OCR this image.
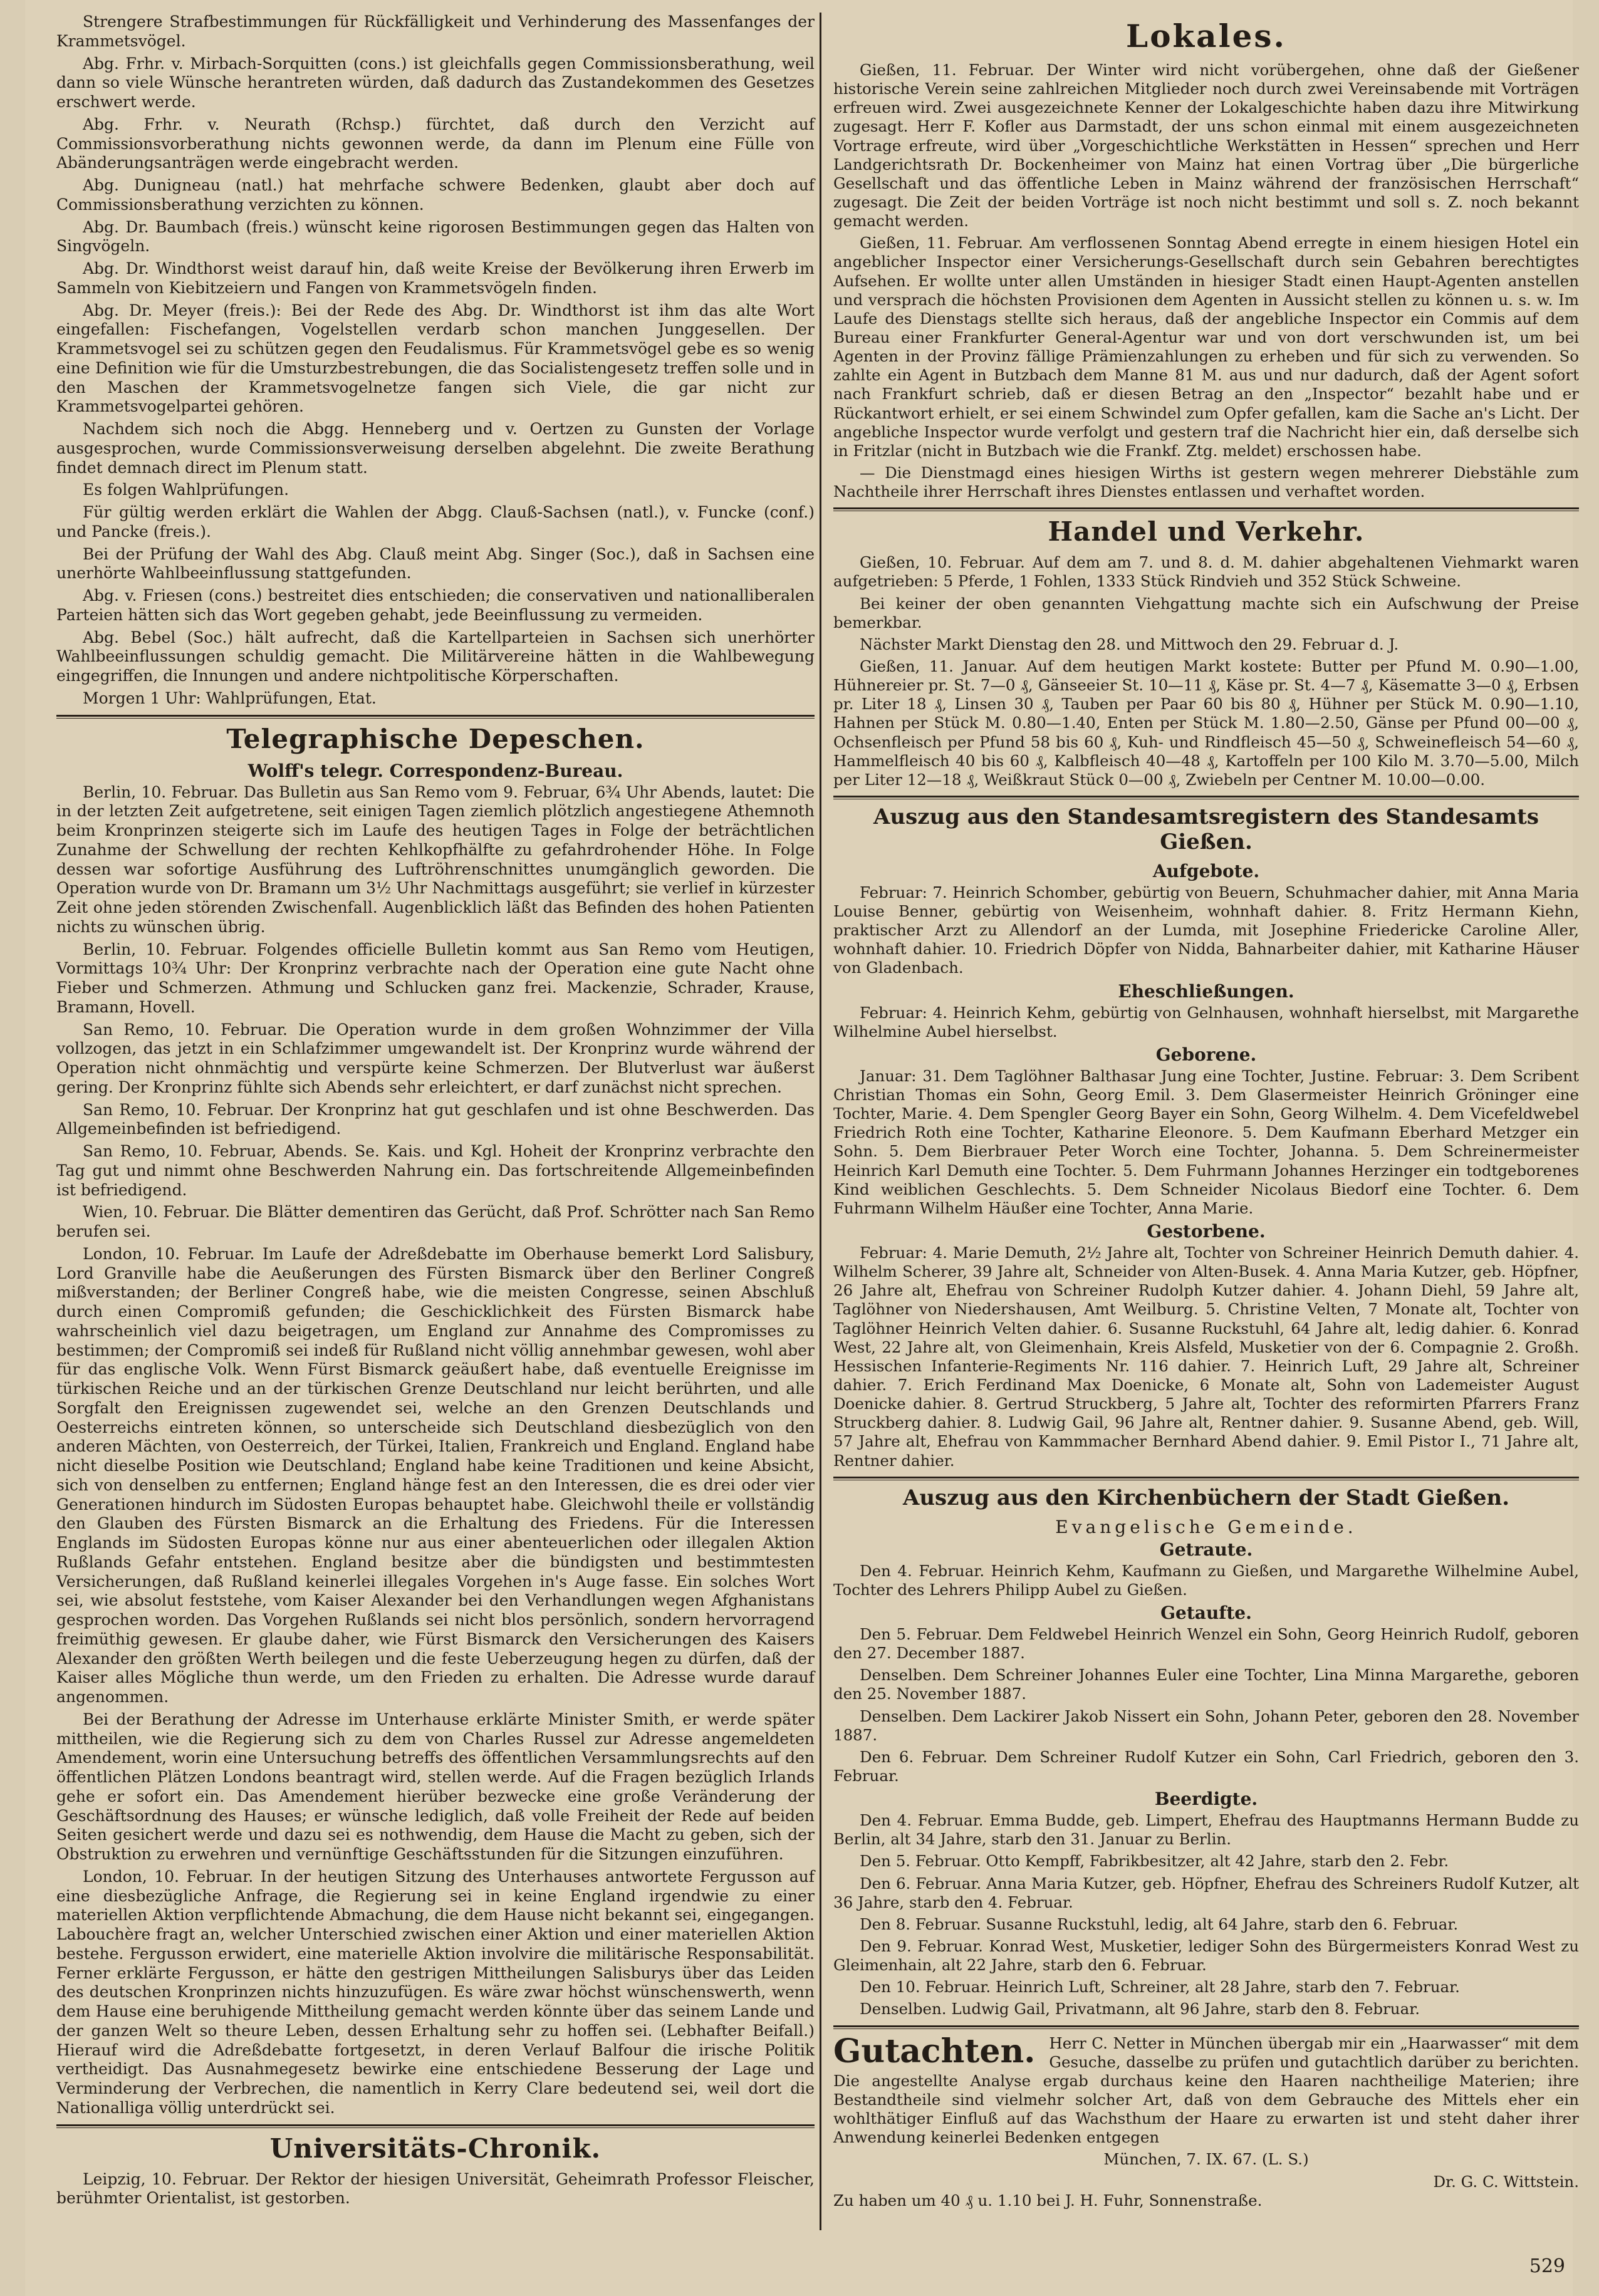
Strengere Strafbestimmungen für Rückfälligkeit und Verhinderung des Massenfanges der Krammetsvögel.

Abg. Frhr. v. Mirbach-Sorquitten (cons.) ist gleichfalls gegen Commissionsberathung, weil dann so viele Wünsche herantreten würden, daß dadurch das Zustandekommen des Gesetzes erschwert werde.

Abg. Frhr. v. Neurath (Rchsp.) fürchtet, daß durch den Verzicht auf Commissionsvorberathung nichts gewonnen werde, da dann im Plenum eine Fülle von Abänderungsanträgen werde eingebracht werden.

Abg. Dunigneau (natl.) hat mehrfache schwere Bedenken, glaubt aber doch auf Commissionsberathung verzichten zu können.

Abg. Dr. Baumbach (freis.) wünscht keine rigorosen Bestimmungen gegen das Halten von Singvögeln.

Abg. Dr. Windthorst weist darauf hin, daß weite Kreise der Bevölkerung ihren Erwerb im Sammeln von Kiebitzeiern und Fangen von Krammetsvögeln finden.

Abg. Dr. Meyer (freis.): Bei der Rede des Abg. Dr. Windthorst ist ihm das alte Wort eingefallen: Fischefangen, Vogelstellen verdarb schon manchen Junggesellen. Der Krammetsvogel sei zu schützen gegen den Feudalismus. Für Krammetsvögel gebe es so wenig eine Definition wie für die Umsturzbestrebungen, die das Socialistengesetz treffen solle und in den Maschen der Krammetsvogelnetze fangen sich Viele, die gar nicht zur Krammetsvogelpartei gehören.

Nachdem sich noch die Abgg. Henneberg und v. Oertzen zu Gunsten der Vorlage ausgesprochen, wurde Commissionsverweisung derselben abgelehnt. Die zweite Berathung findet demnach direct im Plenum statt.

Es folgen Wahlprüfungen.

Für gültig werden erklärt die Wahlen der Abgg. Clauß-Sachsen (natl.), v. Funcke (conf.) und Pancke (freis.).

Bei der Prüfung der Wahl des Abg. Clauß meint Abg. Singer (Soc.), daß in Sachsen eine unerhörte Wahlbeeinflussung stattgefunden.

Abg. v. Friesen (cons.) bestreitet dies entschieden; die conservativen und nationalliberalen Parteien hätten sich das Wort gegeben gehabt, jede Beeinflussung zu vermeiden.

Abg. Bebel (Soc.) hält aufrecht, daß die Kartellparteien in Sachsen sich unerhörter Wahlbeeinflussungen schuldig gemacht. Die Militärvereine hätten in die Wahlbewegung eingegriffen, die Innungen und andere nichtpolitische Körperschaften.

Morgen 1 Uhr: Wahlprüfungen, Etat.

Telegraphische Depeschen.
Wolff's telegr. Correspondenz-Bureau.

Berlin, 10. Februar. Das Bulletin aus San Remo vom 9. Februar, 6¾ Uhr Abends, lautet: Die in der letzten Zeit aufgetretene, seit einigen Tagen ziemlich plötzlich angestiegene Athemnoth beim Kronprinzen steigerte sich im Laufe des heutigen Tages in Folge der beträchtlichen Zunahme der Schwellung der rechten Kehlkopfhälfte zu gefahrdrohender Höhe. In Folge dessen war sofortige Ausführung des Luftröhrenschnittes unumgänglich geworden. Die Operation wurde von Dr. Bramann um 3½ Uhr Nachmittags ausgeführt; sie verlief in kürzester Zeit ohne jeden störenden Zwischenfall. Augenblicklich läßt das Befinden des hohen Patienten nichts zu wünschen übrig.

Berlin, 10. Februar. Folgendes officielle Bulletin kommt aus San Remo vom Heutigen, Vormittags 10¾ Uhr: Der Kronprinz verbrachte nach der Operation eine gute Nacht ohne Fieber und Schmerzen. Athmung und Schlucken ganz frei. Mackenzie, Schrader, Krause, Bramann, Hovell.

San Remo, 10. Februar. Die Operation wurde in dem großen Wohnzimmer der Villa vollzogen, das jetzt in ein Schlafzimmer umgewandelt ist. Der Kronprinz wurde während der Operation nicht ohnmächtig und verspürte keine Schmerzen. Der Blutverlust war äußerst gering. Der Kronprinz fühlte sich Abends sehr erleichtert, er darf zunächst nicht sprechen.

San Remo, 10. Februar. Der Kronprinz hat gut geschlafen und ist ohne Beschwerden. Das Allgemeinbefinden ist befriedigend.

San Remo, 10. Februar, Abends. Se. Kais. und Kgl. Hoheit der Kronprinz verbrachte den Tag gut und nimmt ohne Beschwerden Nahrung ein. Das fortschreitende Allgemeinbefinden ist befriedigend.

Wien, 10. Februar. Die Blätter dementiren das Gerücht, daß Prof. Schrötter nach San Remo berufen sei.

London, 10. Februar. Im Laufe der Adreßdebatte im Oberhause bemerkt Lord Salisbury, Lord Granville habe die Aeußerungen des Fürsten Bismarck über den Berliner Congreß mißverstanden; der Berliner Congreß habe, wie die meisten Congresse, seinen Abschluß durch einen Compromiß gefunden; die Geschicklichkeit des Fürsten Bismarck habe wahrscheinlich viel dazu beigetragen, um England zur Annahme des Compromisses zu bestimmen; der Compromiß sei indeß für Rußland nicht völlig annehmbar gewesen, wohl aber für das englische Volk. Wenn Fürst Bismarck geäußert habe, daß eventuelle Ereignisse im türkischen Reiche und an der türkischen Grenze Deutschland nur leicht berührten, und alle Sorgfalt den Ereignissen zugewendet sei, welche an den Grenzen Deutschlands und Oesterreichs eintreten können, so unterscheide sich Deutschland diesbezüglich von den anderen Mächten, von Oesterreich, der Türkei, Italien, Frankreich und England. England habe nicht dieselbe Position wie Deutschland; England habe keine Traditionen und keine Absicht, sich von denselben zu entfernen; England hänge fest an den Interessen, die es drei oder vier Generationen hindurch im Südosten Europas behauptet habe. Gleichwohl theile er vollständig den Glauben des Fürsten Bismarck an die Erhaltung des Friedens. Für die Interessen Englands im Südosten Europas könne nur aus einer abenteuerlichen oder illegalen Aktion Rußlands Gefahr entstehen. England besitze aber die bündigsten und bestimmtesten Versicherungen, daß Rußland keinerlei illegales Vorgehen in's Auge fasse. Ein solches Wort sei, wie absolut feststehe, vom Kaiser Alexander bei den Verhandlungen wegen Afghanistans gesprochen worden. Das Vorgehen Rußlands sei nicht blos persönlich, sondern hervorragend freimüthig gewesen. Er glaube daher, wie Fürst Bismarck den Versicherungen des Kaisers Alexander den größten Werth beilegen und die feste Ueberzeugung hegen zu dürfen, daß der Kaiser alles Mögliche thun werde, um den Frieden zu erhalten. Die Adresse wurde darauf angenommen.

Bei der Berathung der Adresse im Unterhause erklärte Minister Smith, er werde später mittheilen, wie die Regierung sich zu dem von Charles Russel zur Adresse angemeldeten Amendement, worin eine Untersuchung betreffs des öffentlichen Versammlungsrechts auf den öffentlichen Plätzen Londons beantragt wird, stellen werde. Auf die Fragen bezüglich Irlands gehe er sofort ein. Das Amendement hierüber bezwecke eine große Veränderung der Geschäftsordnung des Hauses; er wünsche lediglich, daß volle Freiheit der Rede auf beiden Seiten gesichert werde und dazu sei es nothwendig, dem Hause die Macht zu geben, sich der Obstruktion zu erwehren und vernünftige Geschäftsstunden für die Sitzungen einzuführen.

London, 10. Februar. In der heutigen Sitzung des Unterhauses antwortete Fergusson auf eine diesbezügliche Anfrage, die Regierung sei in keine England irgendwie zu einer materiellen Aktion verpflichtende Abmachung, die dem Hause nicht bekannt sei, eingegangen. Labouchère fragt an, welcher Unterschied zwischen einer Aktion und einer materiellen Aktion bestehe. Fergusson erwidert, eine materielle Aktion involvire die militärische Responsabilität. Ferner erklärte Fergusson, er hätte den gestrigen Mittheilungen Salisburys über das Leiden des deutschen Kronprinzen nichts hinzuzufügen. Es wäre zwar höchst wünschenswerth, wenn dem Hause eine beruhigende Mittheilung gemacht werden könnte über das seinem Lande und der ganzen Welt so theure Leben, dessen Erhaltung sehr zu hoffen sei. (Lebhafter Beifall.) Hierauf wird die Adreßdebatte fortgesetzt, in deren Verlauf Balfour die irische Politik vertheidigt. Das Ausnahmegesetz bewirke eine entschiedene Besserung der Lage und Verminderung der Verbrechen, die namentlich in Kerry Clare bedeutend sei, weil dort die Nationalliga völlig unterdrückt sei.

Universitäts-Chronik.

Leipzig, 10. Februar. Der Rektor der hiesigen Universität, Geheimrath Professor Fleischer, berühmter Orientalist, ist gestorben.

Lokales.

Gießen, 11. Februar. Der Winter wird nicht vorübergehen, ohne daß der Gießener historische Verein seine zahlreichen Mitglieder noch durch zwei Vereinsabende mit Vorträgen erfreuen wird. Zwei ausgezeichnete Kenner der Lokalgeschichte haben dazu ihre Mitwirkung zugesagt. Herr F. Kofler aus Darmstadt, der uns schon einmal mit einem ausgezeichneten Vortrage erfreute, wird über „Vorgeschichtliche Werkstätten in Hessen“ sprechen und Herr Landgerichtsrath Dr. Bockenheimer von Mainz hat einen Vortrag über „Die bürgerliche Gesellschaft und das öffentliche Leben in Mainz während der französischen Herrschaft“ zugesagt. Die Zeit der beiden Vorträge ist noch nicht bestimmt und soll s. Z. noch bekannt gemacht werden.

Gießen, 11. Februar. Am verflossenen Sonntag Abend erregte in einem hiesigen Hotel ein angeblicher Inspector einer Versicherungs-Gesellschaft durch sein Gebahren berechtigtes Aufsehen. Er wollte unter allen Umständen in hiesiger Stadt einen Haupt-Agenten anstellen und versprach die höchsten Provisionen dem Agenten in Aussicht stellen zu können u. s. w. Im Laufe des Dienstags stellte sich heraus, daß der angebliche Inspector ein Commis auf dem Bureau einer Frankfurter General-Agentur war und von dort verschwunden ist, um bei Agenten in der Provinz fällige Prämienzahlungen zu erheben und für sich zu verwenden. So zahlte ein Agent in Butzbach dem Manne 81 M. aus und nur dadurch, daß der Agent sofort nach Frankfurt schrieb, daß er diesen Betrag an den „Inspector“ bezahlt habe und er Rückantwort erhielt, er sei einem Schwindel zum Opfer gefallen, kam die Sache an's Licht. Der angebliche Inspector wurde verfolgt und gestern traf die Nachricht hier ein, daß derselbe sich in Fritzlar (nicht in Butzbach wie die Frankf. Ztg. meldet) erschossen habe.

— Die Dienstmagd eines hiesigen Wirths ist gestern wegen mehrerer Diebstähle zum Nachtheile ihrer Herrschaft ihres Dienstes entlassen und verhaftet worden.

Handel und Verkehr.

Gießen, 10. Februar. Auf dem am 7. und 8. d. M. dahier abgehaltenen Viehmarkt waren aufgetrieben: 5 Pferde, 1 Fohlen, 1333 Stück Rindvieh und 352 Stück Schweine.

Bei keiner der oben genannten Viehgattung machte sich ein Aufschwung der Preise bemerkbar.

Nächster Markt Dienstag den 28. und Mittwoch den 29. Februar d. J.

Gießen, 11. Januar. Auf dem heutigen Markt kostete: Butter per Pfund M. 0.90—1.00, Hühnereier pr. St. 7—0 ₰, Gänseeier St. 10—11 ₰, Käse pr. St. 4—7 ₰, Käsematte 3—0 ₰, Erbsen pr. Liter 18 ₰, Linsen 30 ₰, Tauben per Paar 60 bis 80 ₰, Hühner per Stück M. 0.90—1.10, Hahnen per Stück M. 0.80—1.40, Enten per Stück M. 1.80—2.50, Gänse per Pfund 00—00 ₰, Ochsenfleisch per Pfund 58 bis 60 ₰, Kuh- und Rindfleisch 45—50 ₰, Schweinefleisch 54—60 ₰, Hammelfleisch 40 bis 60 ₰, Kalbfleisch 40—48 ₰, Kartoffeln per 100 Kilo M. 3.70—5.00, Milch per Liter 12—18 ₰, Weißkraut Stück 0—00 ₰, Zwiebeln per Centner M. 10.00—0.00.

Auszug aus den Standesamtsregistern des Standesamts Gießen.
Aufgebote.

Februar: 7. Heinrich Schomber, gebürtig von Beuern, Schuhmacher dahier, mit Anna Maria Louise Benner, gebürtig von Weisenheim, wohnhaft dahier. 8. Fritz Hermann Kiehn, praktischer Arzt zu Allendorf an der Lumda, mit Josephine Friedericke Caroline Aller, wohnhaft dahier. 10. Friedrich Döpfer von Nidda, Bahnarbeiter dahier, mit Katharine Häuser von Gladenbach.

Eheschließungen.

Februar: 4. Heinrich Kehm, gebürtig von Gelnhausen, wohnhaft hierselbst, mit Margarethe Wilhelmine Aubel hierselbst.

Geborene.

Januar: 31. Dem Taglöhner Balthasar Jung eine Tochter, Justine. Februar: 3. Dem Scribent Christian Thomas ein Sohn, Georg Emil. 3. Dem Glasermeister Heinrich Gröninger eine Tochter, Marie. 4. Dem Spengler Georg Bayer ein Sohn, Georg Wilhelm. 4. Dem Vicefeldwebel Friedrich Roth eine Tochter, Katharine Eleonore. 5. Dem Kaufmann Eberhard Metzger ein Sohn. 5. Dem Bierbrauer Peter Worch eine Tochter, Johanna. 5. Dem Schreinermeister Heinrich Karl Demuth eine Tochter. 5. Dem Fuhrmann Johannes Herzinger ein todtgeborenes Kind weiblichen Geschlechts. 5. Dem Schneider Nicolaus Biedorf eine Tochter. 6. Dem Fuhrmann Wilhelm Häußer eine Tochter, Anna Marie.

Gestorbene.

Februar: 4. Marie Demuth, 2½ Jahre alt, Tochter von Schreiner Heinrich Demuth dahier. 4. Wilhelm Scherer, 39 Jahre alt, Schneider von Alten-Busek. 4. Anna Maria Kutzer, geb. Höpfner, 26 Jahre alt, Ehefrau von Schreiner Rudolph Kutzer dahier. 4. Johann Diehl, 59 Jahre alt, Taglöhner von Niedershausen, Amt Weilburg. 5. Christine Velten, 7 Monate alt, Tochter von Taglöhner Heinrich Velten dahier. 6. Susanne Ruckstuhl, 64 Jahre alt, ledig dahier. 6. Konrad West, 22 Jahre alt, von Gleimenhain, Kreis Alsfeld, Musketier von der 6. Compagnie 2. Großh. Hessischen Infanterie-Regiments Nr. 116 dahier. 7. Heinrich Luft, 29 Jahre alt, Schreiner dahier. 7. Erich Ferdinand Max Doenicke, 6 Monate alt, Sohn von Lademeister August Doenicke dahier. 8. Gertrud Struckberg, 5 Jahre alt, Tochter des reformirten Pfarrers Franz Struckberg dahier. 8. Ludwig Gail, 96 Jahre alt, Rentner dahier. 9. Susanne Abend, geb. Will, 57 Jahre alt, Ehefrau von Kammmacher Bernhard Abend dahier. 9. Emil Pistor I., 71 Jahre alt, Rentner dahier.

Auszug aus den Kirchenbüchern der Stadt Gießen.
Evangelische Gemeinde.
Getraute.

Den 4. Februar. Heinrich Kehm, Kaufmann zu Gießen, und Margarethe Wilhelmine Aubel, Tochter des Lehrers Philipp Aubel zu Gießen.

Getaufte.

Den 5. Februar. Dem Feldwebel Heinrich Wenzel ein Sohn, Georg Heinrich Rudolf, geboren den 27. December 1887.

Denselben. Dem Schreiner Johannes Euler eine Tochter, Lina Minna Margarethe, geboren den 25. November 1887.

Denselben. Dem Lackirer Jakob Nissert ein Sohn, Johann Peter, geboren den 28. November 1887.

Den 6. Februar. Dem Schreiner Rudolf Kutzer ein Sohn, Carl Friedrich, geboren den 3. Februar.

Beerdigte.

Den 4. Februar. Emma Budde, geb. Limpert, Ehefrau des Hauptmanns Hermann Budde zu Berlin, alt 34 Jahre, starb den 31. Januar zu Berlin.

Den 5. Februar. Otto Kempff, Fabrikbesitzer, alt 42 Jahre, starb den 2. Febr.

Den 6. Februar. Anna Maria Kutzer, geb. Höpfner, Ehefrau des Schreiners Rudolf Kutzer, alt 36 Jahre, starb den 4. Februar.

Den 8. Februar. Susanne Ruckstuhl, ledig, alt 64 Jahre, starb den 6. Februar.

Den 9. Februar. Konrad West, Musketier, lediger Sohn des Bürgermeisters Konrad West zu Gleimenhain, alt 22 Jahre, starb den 6. Februar.

Den 10. Februar. Heinrich Luft, Schreiner, alt 28 Jahre, starb den 7. Februar.

Denselben. Ludwig Gail, Privatmann, alt 96 Jahre, starb den 8. Februar.

Gutachten. Herr C. Netter in München übergab mir ein „Haarwasser“ mit dem Gesuche, dasselbe zu prüfen und gutachtlich darüber zu berichten. Die angestellte Analyse ergab durchaus keine den Haaren nachtheilige Materien; ihre Bestandtheile sind vielmehr solcher Art, daß von dem Gebrauche des Mittels eher ein wohlthätiger Einfluß auf das Wachsthum der Haare zu erwarten ist und steht daher ihrer Anwendung keinerlei Bedenken entgegen

München, 7. IX. 67. (L. S.)

Dr. G. C. Wittstein.

Zu haben um 40 ₰ u. 1.10 bei J. H. Fuhr, Sonnenstraße.

529
